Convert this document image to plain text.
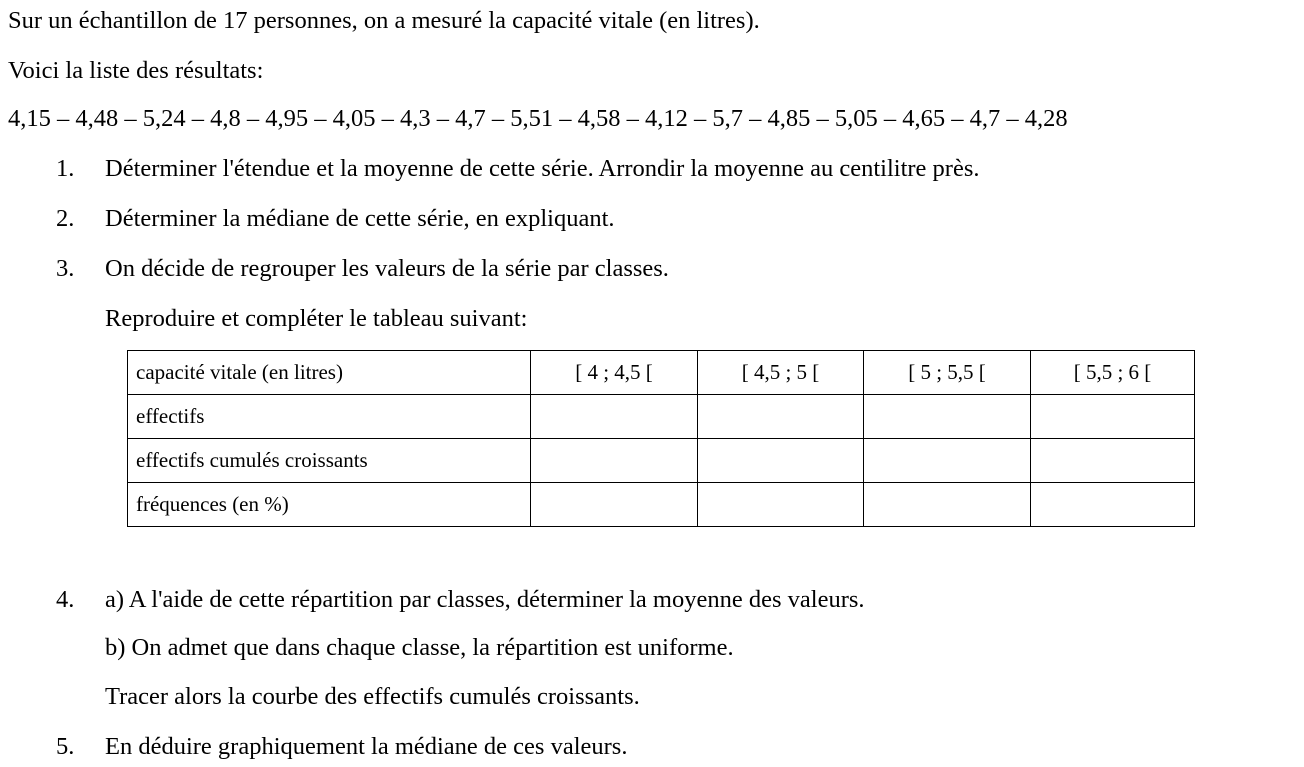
Sur un échantillon de 17 personnes, on a mesuré la capacité vitale (en litres).
Voici la liste des résultats:
4,15 – 4,48 – 5,24 – 4,8 – 4,95 – 4,05 – 4,3 – 4,7 – 5,51 – 4,58 – 4,12 – 5,7 – 4,85 – 5,05 – 4,65 – 4,7 – 4,28
1. Déterminer l'étendue et la moyenne de cette série. Arrondir la moyenne au centilitre près.
2. Déterminer la médiane de cette série, en expliquant.
3. On décide de regrouper les valeurs de la série par classes.
Reproduire et compléter le tableau suivant:
capacité vitale (en litres)	[ 4 ; 4,5 [	[ 4,5 ; 5 [	[ 5 ; 5,5 [	[ 5,5 ; 6 [
effectifs				
effectifs cumulés croissants				
fréquences (en %)				
4. a) A l'aide de cette répartition par classes, déterminer la moyenne des valeurs.
b) On admet que dans chaque classe, la répartition est uniforme.
Tracer alors la courbe des effectifs cumulés croissants.
5. En déduire graphiquement la médiane de ces valeurs.
